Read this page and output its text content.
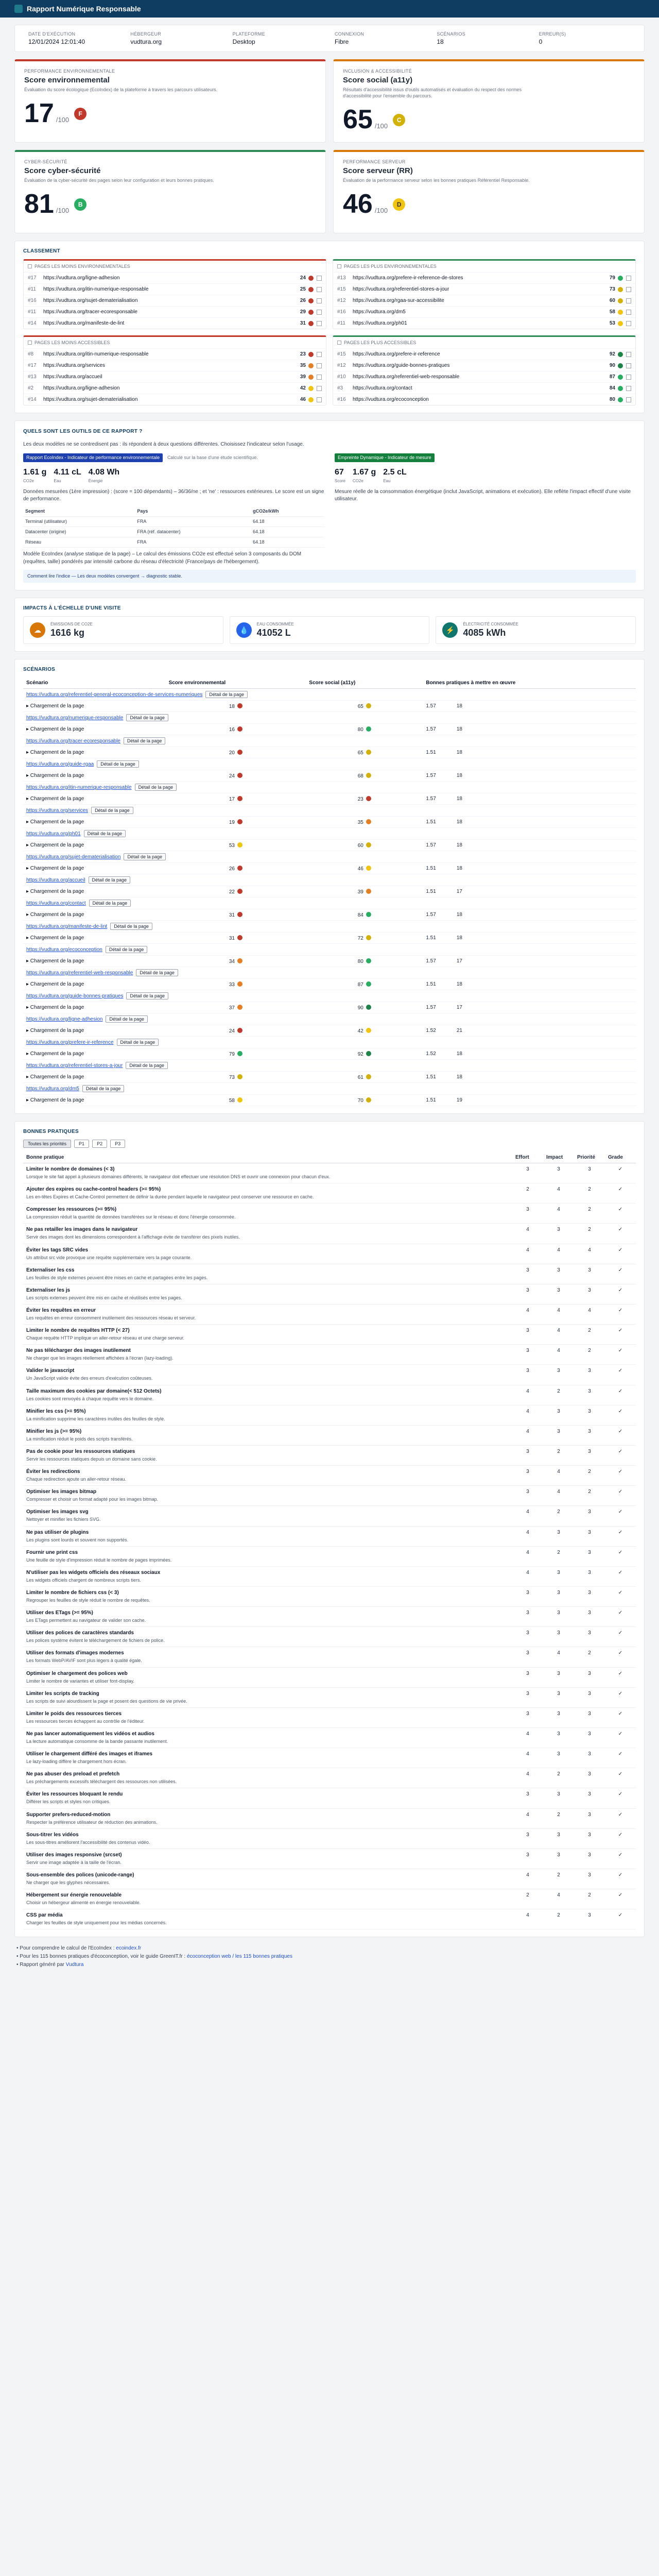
Rapport Numérique Responsable
DATE D'EXÉCUTION
12/01/2024 12:01:40
HÉBERGEUR
vudtura.org
PLATEFORME
Desktop
CONNEXION
Fibre
SCÉNARIOS
18
ERREUR(S)
0
PERFORMANCE ENVIRONNEMENTALE
Score environnemental
Évaluation du score écologique (EcoIndex) de la plateforme à travers les parcours utilisateurs.
17 /100F
INCLUSION & ACCESSIBILITÉ
Score social (a11y)
Résultats d'accessibilité issus d'outils automatisés et évaluation du respect des normes d'accessibilité pour l'ensemble du parcours.
65 /100C
CYBER-SÉCURITÉ
Score cyber-sécurité
Évaluation de la cyber-sécurité des pages selon leur configuration et leurs bonnes pratiques.
81 /100B
PERFORMANCE SERVEUR
Score serveur (RR)
Évaluation de la performance serveur selon les bonnes pratiques Référentiel Responsable.
46 /100D
CLASSEMENT
PAGES LES MOINS ENVIRONNEMENTALES
#17	https://vudtura.org/ligne-adhesion	24
#11	https://vudtura.org/itin-numerique-responsable	25
#16	https://vudtura.org/sujet-dematerialisation	26
#11	https://vudtura.org/tracer-ecoresponsable	29
#14	https://vudtura.org/manifeste-de-lint	31
PAGES LES PLUS ENVIRONNEMENTALES
#13	https://vudtura.org/prefere-ir-reference-de-stores	79
#15	https://vudtura.org/referentiel-stores-a-jour	73
#12	https://vudtura.org/rgaa-sur-accessibilite	60
#16	https://vudtura.org/dm5	58
#11	https://vudtura.org/ph01	53
PAGES LES MOINS ACCESSIBLES
#8	https://vudtura.org/itin-numerique-responsable	23
#17	https://vudtura.org/services	35
#13	https://vudtura.org/accueil	39
#2	https://vudtura.org/ligne-adhesion	42
#14	https://vudtura.org/sujet-dematerialisation	46
PAGES LES PLUS ACCESSIBLES
#15	https://vudtura.org/prefere-ir-reference	92
#12	https://vudtura.org/guide-bonnes-pratiques	90
#10	https://vudtura.org/referentiel-web-responsable	87
#3	https://vudtura.org/contact	84
#16	https://vudtura.org/ecoconception	80
QUELS SONT LES OUTILS DE CE RAPPORT ?
Les deux modèles ne se contredisent pas : ils répondent à deux questions différentes. Choisissez l'indicateur selon l'usage.
Rapport EcoIndex - Indicateur de performance environnementale Calculé sur la base d'une étude scientifique.
1.61 g
CO2e
4.11 cL
Eau
4.08 Wh
Énergie
Données mesurées (1ère impression) : (score = 100 dépendants) – 36/36/ne ; et 'ne' : ressources extérieures. Le score est un signe de performance.
Segment	Pays	gCO2e/kWh
Terminal (utilisateur)	FRA	64.18
Datacenter (origine)	FRA (réf. datacenter)	64.18
Réseau	FRA	64.18
Modèle EcoIndex (analyse statique de la page) – Le calcul des émissions CO2e est effectué selon 3 composants du DOM (requêtes, taille) pondérés par intensité carbone du réseau d'électricité (France/pays de l'hébergement).
Empreinte Dynamique - Indicateur de mesure
67
Score
1.67 g
CO2e
2.5 cL
Eau
Mesure réelle de la consommation énergétique (inclut JavaScript, animations et exécution). Elle reflète l'impact effectif d'une visite utilisateur.
Comment lire l'indice — Les deux modèles convergent → diagnostic stable.
IMPACTS À L'ÉCHELLE D'UNE VISITE
☁
ÉMISSIONS DE CO2E
1616 kg	💧
EAU CONSOMMÉE
41052 L	⚡
ÉLECTRICITÉ CONSOMMÉE
4085 kWh
SCÉNARIOS
Scénario	Score environnemental	Score social (a11y)	Bonnes pratiques à mettre en œuvre
https://vudtura.org/referentiel-general-ecoconception-de-services-numeriques Détail de la page			
▸ Chargement de la page	18	65	1.57 18
https://vudtura.org/numerique-responsable Détail de la page			
▸ Chargement de la page	16	80	1.57 18
https://vudtura.org/tracer-ecoresponsable Détail de la page			
▸ Chargement de la page	20	65	1.51 18
https://vudtura.org/guide-rgaa Détail de la page			
▸ Chargement de la page	24	68	1.57 18
https://vudtura.org/itin-numerique-responsable Détail de la page			
▸ Chargement de la page	17	23	1.57 18
https://vudtura.org/services Détail de la page			
▸ Chargement de la page	19	35	1.51 18
https://vudtura.org/ph01 Détail de la page			
▸ Chargement de la page	53	60	1.57 18
https://vudtura.org/sujet-dematerialisation Détail de la page			
▸ Chargement de la page	26	46	1.51 18
https://vudtura.org/accueil Détail de la page			
▸ Chargement de la page	22	39	1.51 17
https://vudtura.org/contact Détail de la page			
▸ Chargement de la page	31	84	1.57 18
https://vudtura.org/manifeste-de-lint Détail de la page			
▸ Chargement de la page	31	72	1.51 18
https://vudtura.org/ecoconception Détail de la page			
▸ Chargement de la page	34	80	1.57 17
https://vudtura.org/referentiel-web-responsable Détail de la page			
▸ Chargement de la page	33	87	1.51 18
https://vudtura.org/guide-bonnes-pratiques Détail de la page			
▸ Chargement de la page	37	90	1.57 17
https://vudtura.org/ligne-adhesion Détail de la page			
▸ Chargement de la page	24	42	1.52 21
https://vudtura.org/prefere-ir-reference Détail de la page			
▸ Chargement de la page	79	92	1.52 18
https://vudtura.org/referentiel-stores-a-jour Détail de la page			
▸ Chargement de la page	73	61	1.51 18
https://vudtura.org/dm5 Détail de la page			
▸ Chargement de la page	58	70	1.51 19
BONNES PRATIQUES
Toutes les priorités	P1	P2	P3
Bonne pratique	Effort	Impact	Priorité	Grade

Limiter le nombre de domaines (< 3)
Lorsque le site fait appel à plusieurs domaines différents, le navigateur doit effectuer une résolution DNS et ouvrir une connexion pour chacun d'eux.	3	3	3	✓

Ajouter des expires ou cache-control headers (>= 95%)
Les en-têtes Expires et Cache-Control permettent de définir la durée pendant laquelle le navigateur peut conserver une ressource en cache.	2	4	2	✓

Compresser les ressources (>= 95%)
La compression réduit la quantité de données transférées sur le réseau et donc l'énergie consommée.	3	4	2	✓

Ne pas retailler les images dans le navigateur
Servir des images dont les dimensions correspondent à l'affichage évite de transférer des pixels inutiles.	4	3	2	✓

Éviter les tags SRC vides
Un attribut src vide provoque une requête supplémentaire vers la page courante.	4	4	4	✓

Externaliser les css
Les feuilles de style externes peuvent être mises en cache et partagées entre les pages.	3	3	3	✓

Externaliser les js
Les scripts externes peuvent être mis en cache et réutilisés entre les pages.	3	3	3	✓

Éviter les requêtes en erreur
Les requêtes en erreur consomment inutilement des ressources réseau et serveur.	4	4	4	✓

Limiter le nombre de requêtes HTTP (< 27)
Chaque requête HTTP implique un aller-retour réseau et une charge serveur.	3	4	2	✓

Ne pas télécharger des images inutilement
Ne charger que les images réellement affichées à l'écran (lazy-loading).	3	4	2	✓

Valider le javascript
Un JavaScript valide évite des erreurs d'exécution coûteuses.	3	3	3	✓

Taille maximum des cookies par domaine(< 512 Octets)
Les cookies sont renvoyés à chaque requête vers le domaine.	4	2	3	✓

Minifier les css (>= 95%)
La minification supprime les caractères inutiles des feuilles de style.	4	3	3	✓

Minifier les js (>= 95%)
La minification réduit le poids des scripts transférés.	4	3	3	✓

Pas de cookie pour les ressources statiques
Servir les ressources statiques depuis un domaine sans cookie.	3	2	3	✓

Éviter les redirections
Chaque redirection ajoute un aller-retour réseau.	3	4	2	✓

Optimiser les images bitmap
Compresser et choisir un format adapté pour les images bitmap.	3	4	2	✓

Optimiser les images svg
Nettoyer et minifier les fichiers SVG.	4	2	3	✓

Ne pas utiliser de plugins
Les plugins sont lourds et souvent non supportés.	4	3	3	✓

Fournir une print css
Une feuille de style d'impression réduit le nombre de pages imprimées.	4	2	3	✓

N'utiliser pas les widgets officiels des réseaux sociaux
Les widgets officiels chargent de nombreux scripts tiers.	4	3	3	✓

Limiter le nombre de fichiers css (< 3)
Regrouper les feuilles de style réduit le nombre de requêtes.	3	3	3	✓

Utiliser des ETags (>= 95%)
Les ETags permettent au navigateur de valider son cache.	3	3	3	✓

Utiliser des polices de caractères standards
Les polices système évitent le téléchargement de fichiers de police.	3	3	3	✓

Utiliser des formats d'images modernes
Les formats WebP/AVIF sont plus légers à qualité égale.	3	4	2	✓

Optimiser le chargement des polices web
Limiter le nombre de variantes et utiliser font-display.	3	3	3	✓

Limiter les scripts de tracking
Les scripts de suivi alourdissent la page et posent des questions de vie privée.	3	3	3	✓

Limiter le poids des ressources tierces
Les ressources tierces échappent au contrôle de l'éditeur.	3	3	3	✓

Ne pas lancer automatiquement les vidéos et audios
La lecture automatique consomme de la bande passante inutilement.	4	3	3	✓

Utiliser le chargement différé des images et iframes
Le lazy-loading diffère le chargement hors écran.	4	3	3	✓

Ne pas abuser des preload et prefetch
Les préchargements excessifs téléchargent des ressources non utilisées.	4	2	3	✓

Éviter les ressources bloquant le rendu
Différer les scripts et styles non critiques.	3	3	3	✓

Supporter prefers-reduced-motion
Respecter la préférence utilisateur de réduction des animations.	4	2	3	✓

Sous-titrer les vidéos
Les sous-titres améliorent l'accessibilité des contenus vidéo.	3	3	3	✓

Utiliser des images responsive (srcset)
Servir une image adaptée à la taille de l'écran.	3	3	3	✓

Sous-ensemble des polices (unicode-range)
Ne charger que les glyphes nécessaires.	4	2	3	✓

Hébergement sur énergie renouvelable
Choisir un hébergeur alimenté en énergie renouvelable.	2	4	2	✓

CSS par média
Charger les feuilles de style uniquement pour les médias concernés.	4	2	3	✓
• Pour comprendre le calcul de l'EcoIndex : ecoindex.fr
• Pour les 115 bonnes pratiques d'écoconception, voir le guide GreenIT.fr : écoconception web / les 115 bonnes pratiques
• Rapport généré par Vudtura
